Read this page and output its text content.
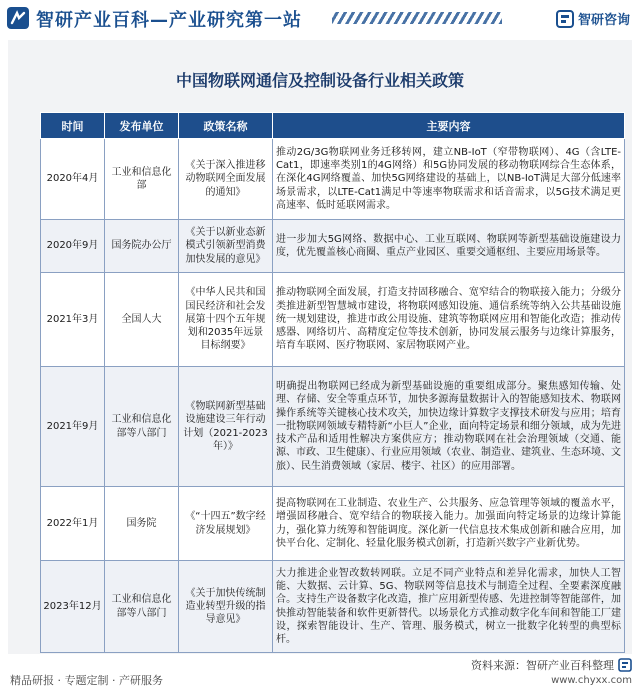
智研产业百科—产业研究第一站	智研咨询
中国物联网通信及控制设备行业相关政策
时间	发布单位	政策名称	主要内容
2020年4月	工业和信息化部	《关于深入推进移动物联网全面发展的通知》	推动2G/3G物联网业务迁移转网，建立NB-IoT（窄带物联网）、4G（含LTE-Cat1，即速率类别1的4G网络）和5G协同发展的移动物联网综合生态体系，在深化4G网络覆盖、加快5G网络建设的基础上，以NB-IoT满足大部分低速率场景需求，以LTE-Cat1满足中等速率物联需求和话音需求，以5G技术满足更高速率、低时延联网需求。
2020年9月	国务院办公厅	《关于以新业态新模式引领新型消费加快发展的意见》	进一步加大5G网络、数据中心、工业互联网、物联网等新型基础设施建设力度，优先覆盖核心商圈、重点产业园区、重要交通枢纽、主要应用场景等。
2021年3月	全国人大	《中华人民共和国国民经济和社会发展第十四个五年规划和2035年远景目标纲要》	推动物联网全面发展，打造支持固移融合、宽窄结合的物联接入能力；分级分类推进新型智慧城市建设，将物联网感知设施、通信系统等纳入公共基础设施统一规划建设，推进市政公用设施、建筑等物联网应用和智能化改造；推动传感器、网络切片、高精度定位等技术创新，协同发展云服务与边缘计算服务，培育车联网、医疗物联网、家居物联网产业。
2021年9月	工业和信息化部等八部门	《物联网新型基础设施建设三年行动计划（2021-2023年）》	明确提出物联网已经成为新型基础设施的重要组成部分。聚焦感知传输、处理、存储、安全等重点环节，加快多源海量数据计入的智能感知技术、物联网操作系统等关键核心技术攻关，加快边缘计算数字支撑技术研发与应用；培育一批物联网领域专精特新“小巨人”企业，面向特定场景和细分领域，成为先进技术产品和适用性解决方案供应方；推动物联网在社会治理领域（交通、能源、市政、卫生健康）、行业应用领域（农业、制造业、建筑业、生态环境、文旅）、民生消费领域（家居、楼宇、社区）的应用部署。
2022年1月	国务院	《“十四五”数字经济发展规划》	提高物联网在工业制造、农业生产、公共服务、应急管理等领域的覆盖水平，增强固移融合、宽窄结合的物联接入能力。加强面向特定场景的边缘计算能力，强化算力统筹和智能调度。深化新一代信息技术集成创新和融合应用，加快平台化、定制化、轻量化服务模式创新，打造新兴数字产业新优势。
2023年12月	工业和信息化部等八部门	《关于加快传统制造业转型升级的指导意见》	大力推进企业智改数转网联。立足不同产业特点和差异化需求，加快人工智能、大数据、云计算、5G、物联网等信息技术与制造全过程、全要素深度融合。支持生产设备数字化改造，推广应用新型传感、先进控制等智能部件，加快推动智能装备和软件更新替代。以场景化方式推动数字化车间和智能工厂建设，探索智能设计、生产、管理、服务模式，树立一批数字化转型的典型标杆。
精品研报 · 专题定制 · 产研服务
资料来源：智研产业百科整理
www.chyxx.com
